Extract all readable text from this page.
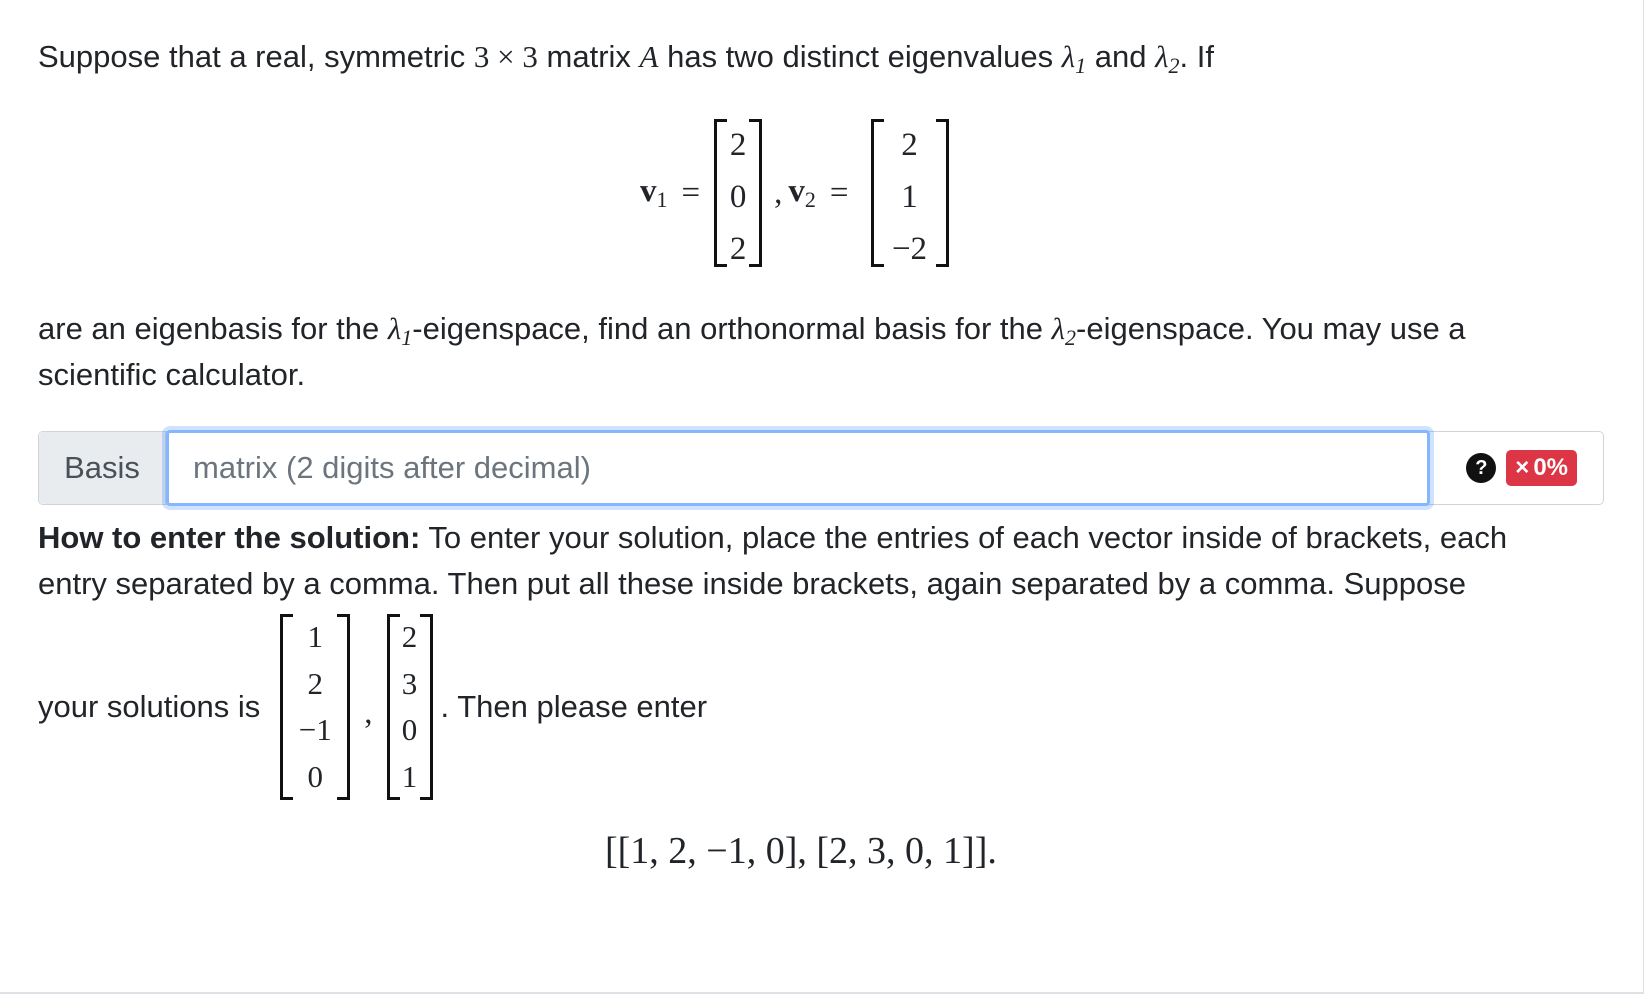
Suppose that a real, symmetric 3 × 3 matrix A has two distinct eigenvalues $\lambda_1$ and $\lambda_2$. If
$v_1$ =
2
0
2
, $v_2$ =
2
1
−2
are an eigenbasis for the $\lambda_1$-eigenspace, find an orthonormal basis for the $\lambda_2$-eigenspace. You may use a
scientific calculator.
Basis
matrix (2 digits after decimal)	?	× 0%
How to enter the solution: To enter your solution, place the entries of each vector inside of brackets, each
entry separated by a comma. Then put all these inside brackets, again separated by a comma. Suppose
your solutions is
1
2
−1
0
,
2
3
0
1
. Then please enter
[[1, 2, −1, 0], [2, 3, 0, 1]].
